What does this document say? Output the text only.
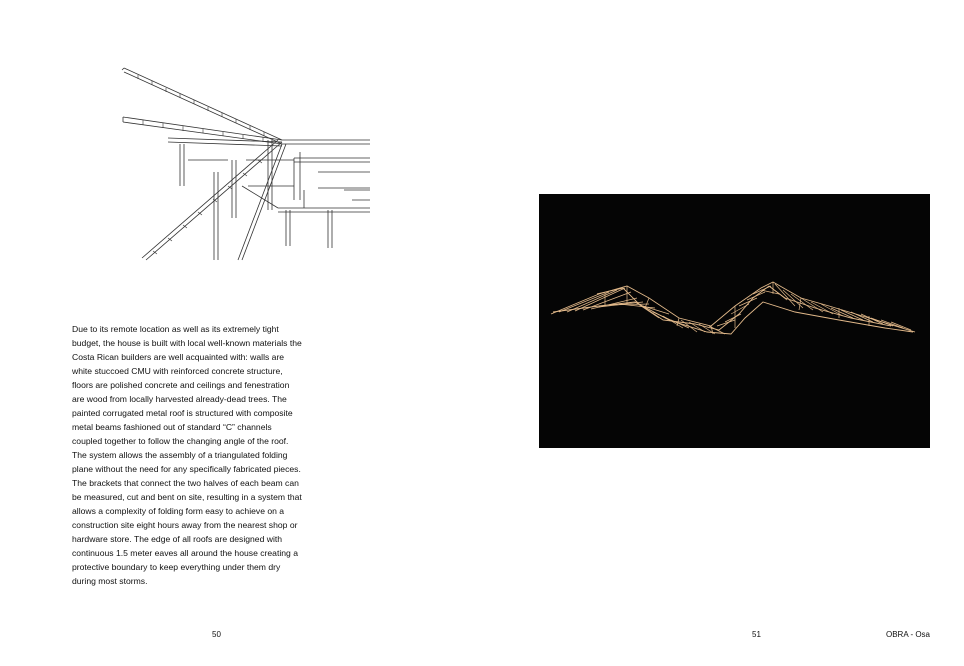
Due to its remote location as well as its extremely tight budget, the house is built with local well-known materials the Costa Rican builders are well acquainted with: walls are white stuccoed CMU with reinforced concrete structure, floors are polished concrete and ceilings and fenestration are wood from locally harvested already-dead trees. The painted corrugated metal roof is structured with composite metal beams fashioned out of standard “C” channels coupled together to follow the changing angle of the roof. The system allows the assembly of a triangulated folding plane without the need for any specifically fabricated pieces. The brackets that connect the two halves of each beam can be measured, cut and bent on site, resulting in a system that allows a complexity of folding form easy to achieve on a construction site eight hours away from the nearest shop or hardware store. The edge of all roofs are designed with continuous 1.5 meter eaves all around the house creating a protective boundary to keep everything under them dry during most storms.

50	51	OBRA - Osa
